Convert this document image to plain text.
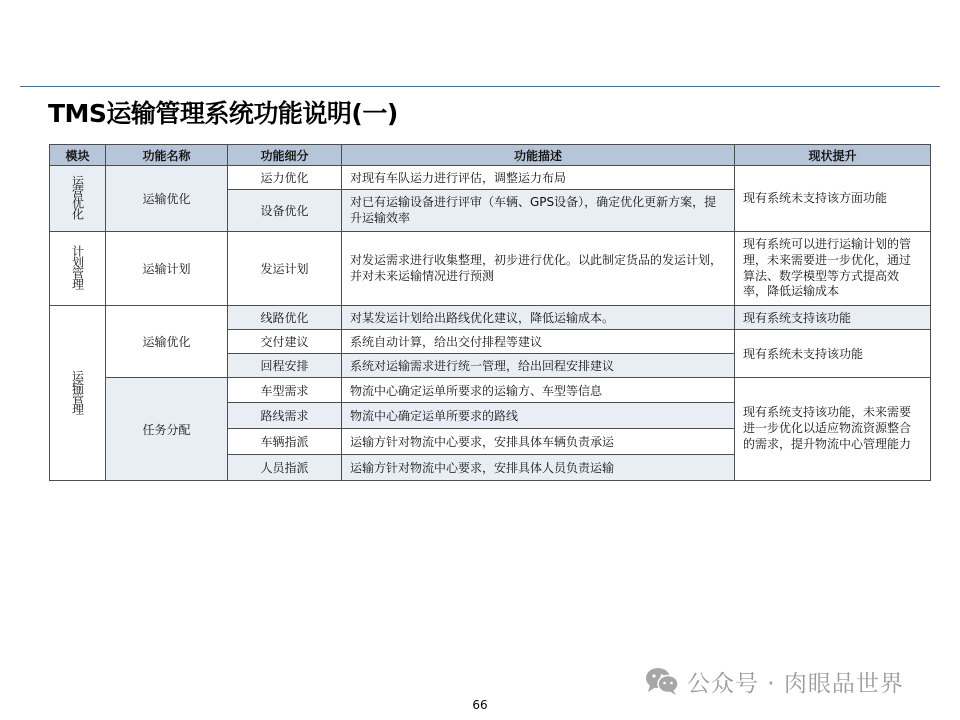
TMS运输管理系统功能说明(一)
模块	功能名称	功能细分	功能描述	现状提升
运营优化	运输优化	运力优化	对现有车队运力进行评估，调整运力布局	现有系统未支持该方面功能
		设备优化	对已有运输设备进行评审（车辆、GPS设备），确定优化更新方案，提升运输效率	
计划管理	运输计划	发运计划	对发运需求进行收集整理，初步进行优化。以此制定货品的发运计划，并对未来运输情况进行预测	现有系统可以进行运输计划的管理，未来需要进一步优化，通过算法、数学模型等方式提高效率，降低运输成本
运输管理	运输优化	线路优化	对某发运计划给出路线优化建议，降低运输成本。	现有系统支持该功能
		交付建议	系统自动计算，给出交付排程等建议	现有系统未支持该功能
		回程安排	系统对运输需求进行统一管理，给出回程安排建议	
	任务分配	车型需求	物流中心确定运单所要求的运输方、车型等信息	现有系统支持该功能，未来需要进一步优化以适应物流资源整合的需求，提升物流中心管理能力
		路线需求	物流中心确定运单所要求的路线	
		车辆指派	运输方针对物流中心要求，安排具体车辆负责承运	
		人员指派	运输方针对物流中心要求，安排具体人员负责运输	
公众号 · 肉眼品世界
66
